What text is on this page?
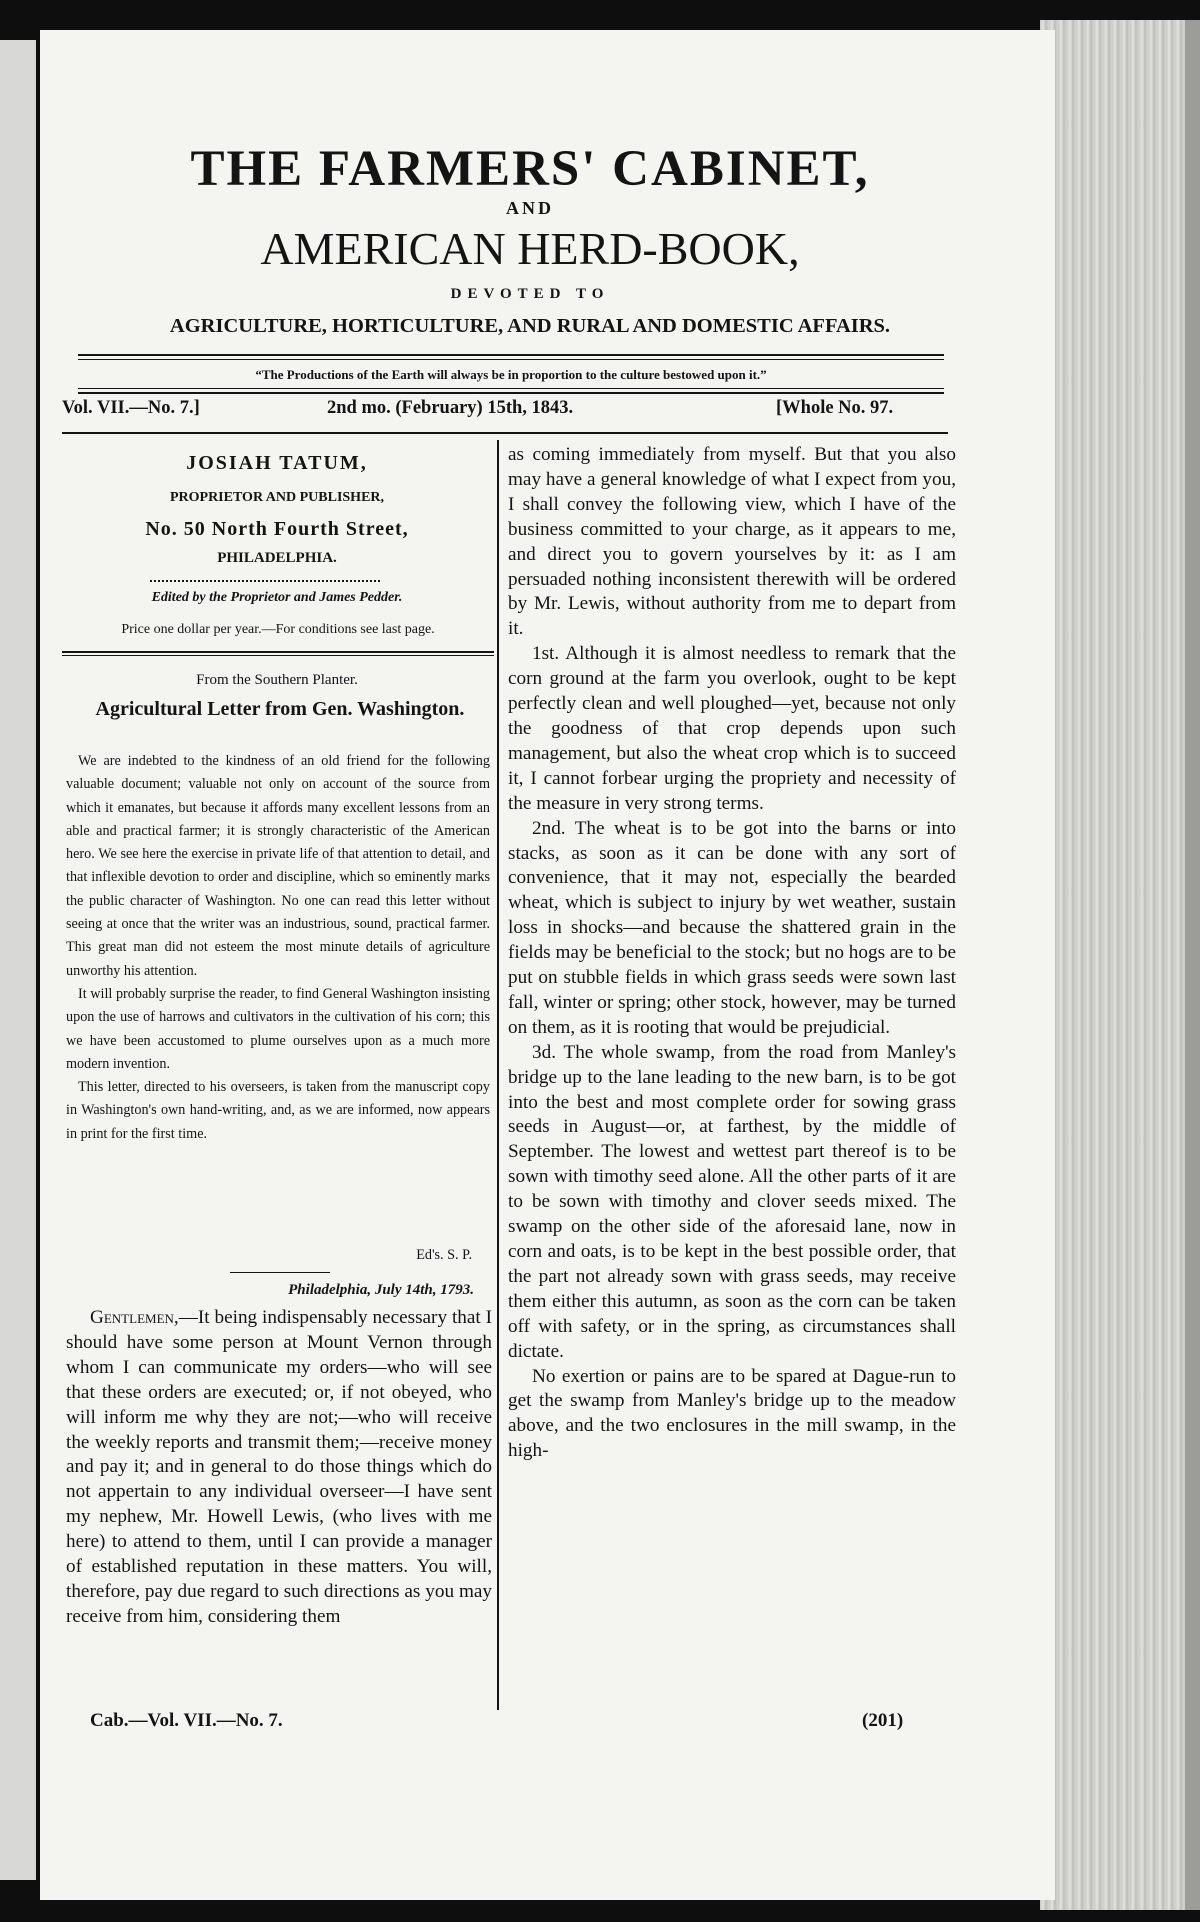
THE FARMERS' CABINET,
AND
AMERICAN HERD-BOOK,
DEVOTED TO
AGRICULTURE, HORTICULTURE, AND RURAL AND DOMESTIC AFFAIRS.
“The Productions of the Earth will always be in proportion to the culture bestowed upon it.”
Vol. VII.—No. 7.]	2nd mo. (February) 15th, 1843.	[Whole No. 97.
JOSIAH TATUM,
PROPRIETOR AND PUBLISHER,
No. 50 North Fourth Street,
PHILADELPHIA.
Edited by the Proprietor and James Pedder.
Price one dollar per year.—For conditions see last page.
From the Southern Planter.
Agricultural Letter from Gen. Washington.

We are indebted to the kindness of an old friend for the following valuable document; valuable not only on account of the source from which it emanates, but because it affords many excellent lessons from an able and practical farmer; it is strongly characteristic of the American hero. We see here the exercise in private life of that attention to detail, and that inflexible devotion to order and discipline, which so eminently marks the public character of Washington. No one can read this letter without seeing at once that the writer was an industrious, sound, practical farmer. This great man did not esteem the most minute details of agriculture unworthy his attention.

It will probably surprise the reader, to find General Washington insisting upon the use of harrows and cultivators in the cultivation of his corn; this we have been accustomed to plume ourselves upon as a much more modern invention.

This letter, directed to his overseers, is taken from the manuscript copy in Washington's own hand-writing, and, as we are informed, now appears in print for the first time.

Ed's. S. P.
Philadelphia, July 14th, 1793.

Gentlemen,—It being indispensably necessary that I should have some person at Mount Vernon through whom I can communicate my orders—who will see that these orders are executed; or, if not obeyed, who will inform me why they are not;—who will receive the weekly reports and transmit them;—receive money and pay it; and in general to do those things which do not appertain to any individual overseer—I have sent my nephew, Mr. Howell Lewis, (who lives with me here) to attend to them, until I can provide a manager of established reputation in these matters. You will, therefore, pay due regard to such directions as you may receive from him, considering them

as coming immediately from myself. But that you also may have a general knowledge of what I expect from you, I shall convey the following view, which I have of the business committed to your charge, as it appears to me, and direct you to govern yourselves by it: as I am persuaded nothing inconsistent therewith will be ordered by Mr. Lewis, without authority from me to depart from it.

1st. Although it is almost needless to remark that the corn ground at the farm you overlook, ought to be kept perfectly clean and well ploughed—yet, because not only the goodness of that crop depends upon such management, but also the wheat crop which is to succeed it, I cannot forbear urging the propriety and necessity of the measure in very strong terms.

2nd. The wheat is to be got into the barns or into stacks, as soon as it can be done with any sort of convenience, that it may not, especially the bearded wheat, which is subject to injury by wet weather, sustain loss in shocks—and because the shattered grain in the fields may be beneficial to the stock; but no hogs are to be put on stubble fields in which grass seeds were sown last fall, winter or spring; other stock, however, may be turned on them, as it is rooting that would be prejudicial.

3d. The whole swamp, from the road from Manley's bridge up to the lane leading to the new barn, is to be got into the best and most complete order for sowing grass seeds in August—or, at farthest, by the middle of September. The lowest and wettest part thereof is to be sown with timothy seed alone. All the other parts of it are to be sown with timothy and clover seeds mixed. The swamp on the other side of the aforesaid lane, now in corn and oats, is to be kept in the best possible order, that the part not already sown with grass seeds, may receive them either this autumn, as soon as the corn can be taken off with safety, or in the spring, as circumstances shall dictate.

No exertion or pains are to be spared at Dague-run to get the swamp from Manley's bridge up to the meadow above, and the two enclosures in the mill swamp, in the high-

Cab.—Vol. VII.—No. 7.	(201)
